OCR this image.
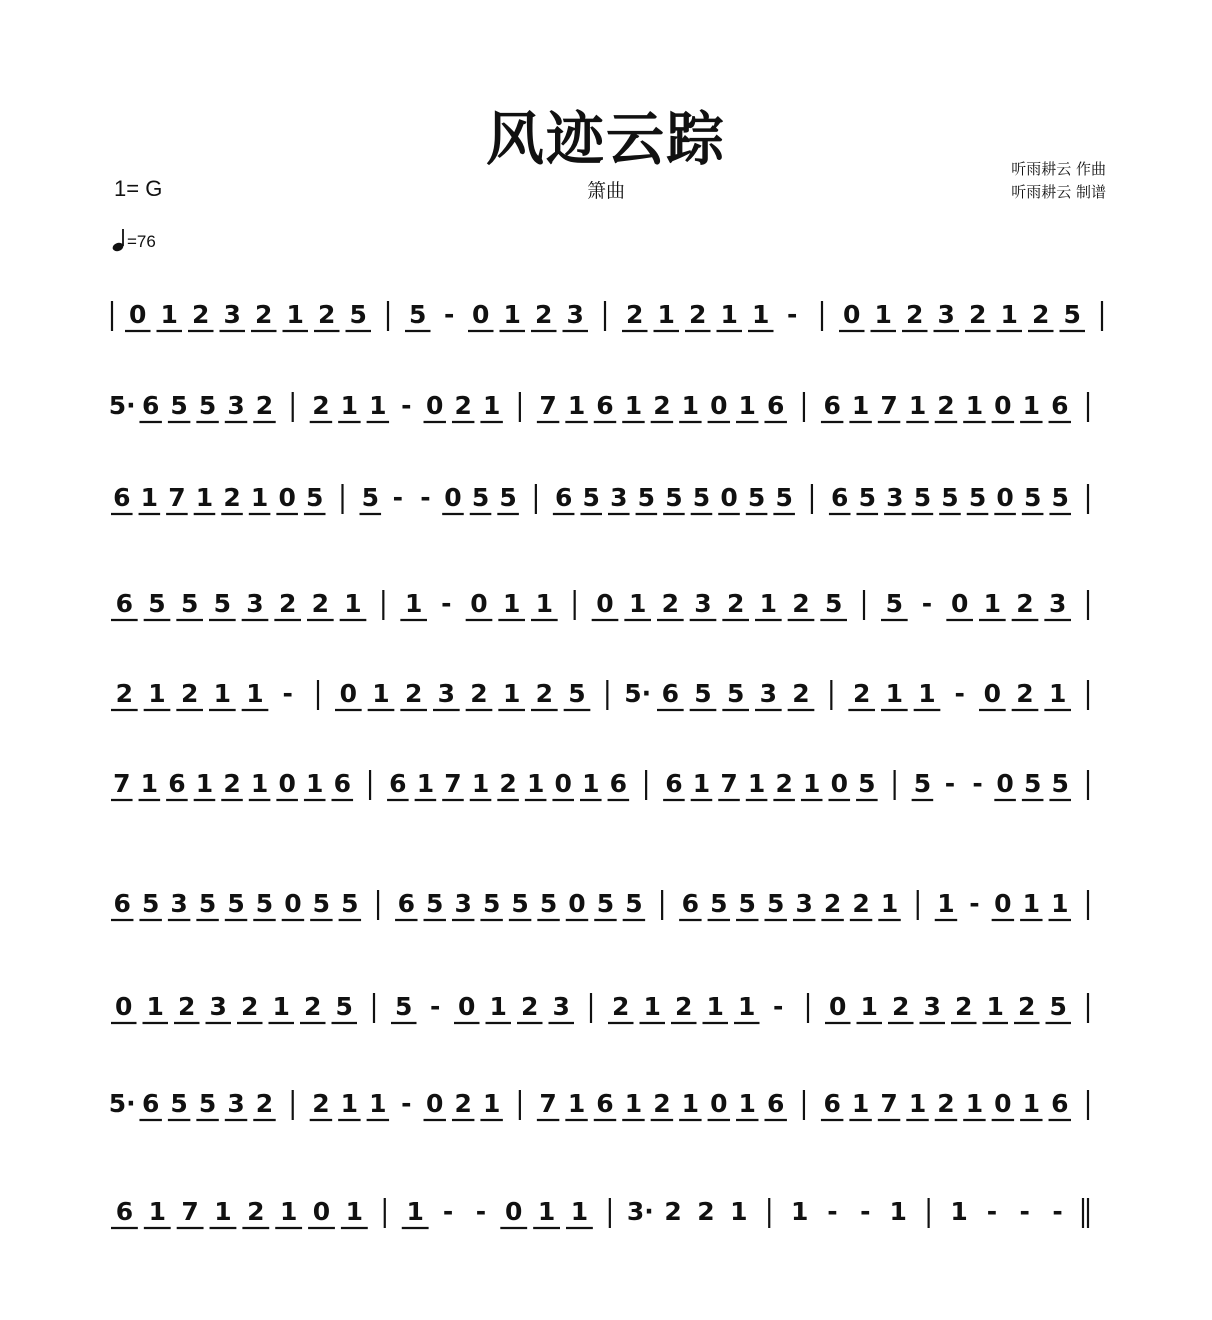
风迹云踪
箫曲
1= G
=76
听雨耕云 作曲
听雨耕云 制谱
0 1 2 3 2 1 2 5 5 - 0 1 2 3 2 1 2 1 1 - 0 1 2 3 2 1 2 5
5· 6 5 5 3 2 2 1 1 - 0 2 1 7 1 6 1 2 1 0 1 6 6 1 7 1 2 1 0 1 6
6 1 7 1 2 1 0 5 5 - - 0 5 5 6 5 3 5 5 5 0 5 5 6 5 3 5 5 5 0 5 5
6 5 5 5 3 2 2 1 1 - 0 1 1 0 1 2 3 2 1 2 5 5 - 0 1 2 3
2 1 2 1 1 - 0 1 2 3 2 1 2 5 5· 6 5 5 3 2 2 1 1 - 0 2 1
7 1 6 1 2 1 0 1 6 6 1 7 1 2 1 0 1 6 6 1 7 1 2 1 0 5 5 - - 0 5 5
6 5 3 5 5 5 0 5 5 6 5 3 5 5 5 0 5 5 6 5 5 5 3 2 2 1 1 - 0 1 1
0 1 2 3 2 1 2 5 5 - 0 1 2 3 2 1 2 1 1 - 0 1 2 3 2 1 2 5
5· 6 5 5 3 2 2 1 1 - 0 2 1 7 1 6 1 2 1 0 1 6 6 1 7 1 2 1 0 1 6
6 1 7 1 2 1 0 1 1 - - 0 1 1 3· 2 2 1 1 - - 1 1 - - -
